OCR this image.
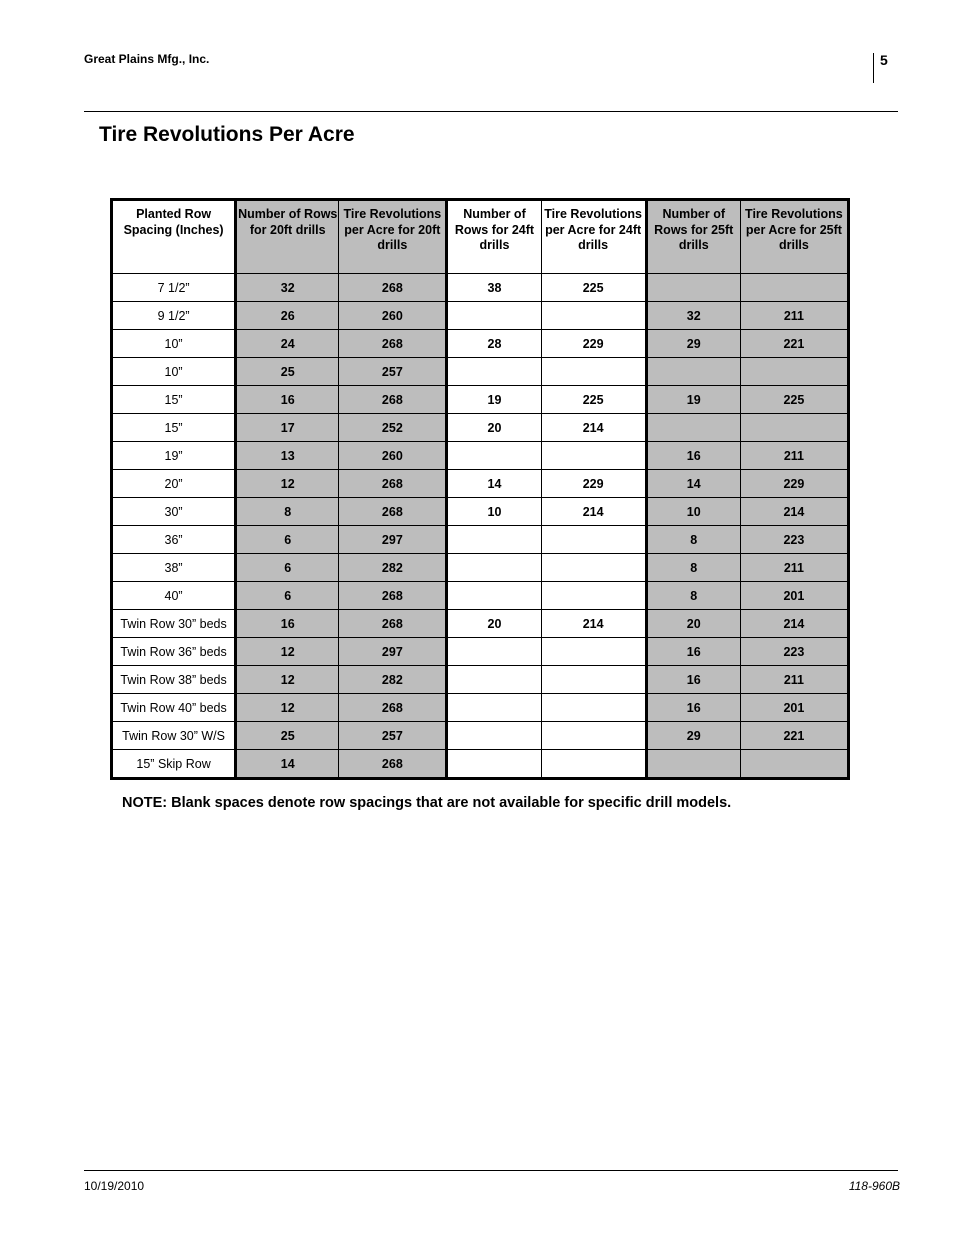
Great Plains Mfg., Inc.	5
Tire Revolutions Per Acre
Planted Row Spacing (Inches)	Number of Rows for 20ft drills	Tire Revolutions per Acre for 20ft drills	Number of Rows for 24ft drills	Tire Revolutions per Acre for 24ft drills	Number of Rows for 25ft drills	Tire Revolutions per Acre for 25ft drills
7 1/2”	32	268	38	225		
9 1/2”	26	260			32	211
10”	24	268	28	229	29	221
10”	25	257				
15”	16	268	19	225	19	225
15”	17	252	20	214		
19”	13	260			16	211
20”	12	268	14	229	14	229
30”	8	268	10	214	10	214
36”	6	297			8	223
38”	6	282			8	211
40”	6	268			8	201
Twin Row 30” beds	16	268	20	214	20	214
Twin Row 36” beds	12	297			16	223
Twin Row 38” beds	12	282			16	211
Twin Row 40” beds	12	268			16	201
Twin Row 30” W/S	25	257			29	221
15” Skip Row	14	268				
NOTE: Blank spaces denote row spacings that are not available for specific drill models.
10/19/2010	118-960B
